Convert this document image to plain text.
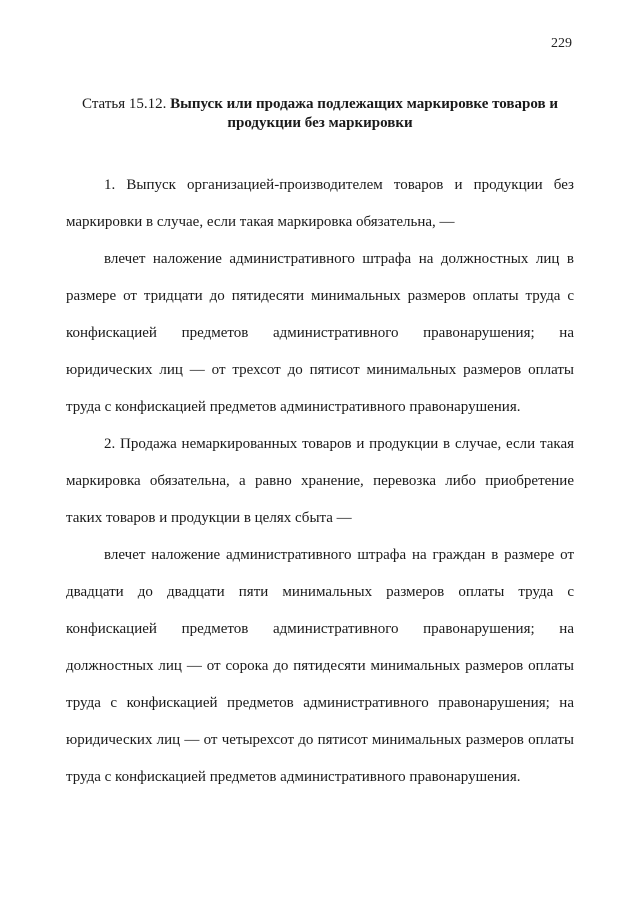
229
Статья 15.12. Выпуск или продажа подлежащих маркировке товаров и продукции без маркировки

1. Выпуск организацией-производителем товаров и продукции без маркировки в случае, если такая маркировка обязательна, —

влечет наложение административного штрафа на должностных лиц в размере от тридцати до пятидесяти минимальных размеров оплаты труда с конфискацией предметов административного правонарушения; на юридических лиц — от трехсот до пятисот минимальных размеров оплаты труда с конфискацией предметов административного правонарушения.

2. Продажа немаркированных товаров и продукции в случае, если такая маркировка обязательна, а равно хранение, перевозка либо приобретение таких товаров и продукции в целях сбыта —

влечет наложение административного штрафа на граждан в размере от двадцати до двадцати пяти минимальных размеров оплаты труда с конфискацией предметов административного правонарушения; на должностных лиц — от сорока до пятидесяти минимальных размеров оплаты труда с конфискацией предметов административного правонарушения; на юридических лиц — от четырехсот до пятисот минимальных размеров оплаты труда с конфискацией предметов административного правонарушения.
